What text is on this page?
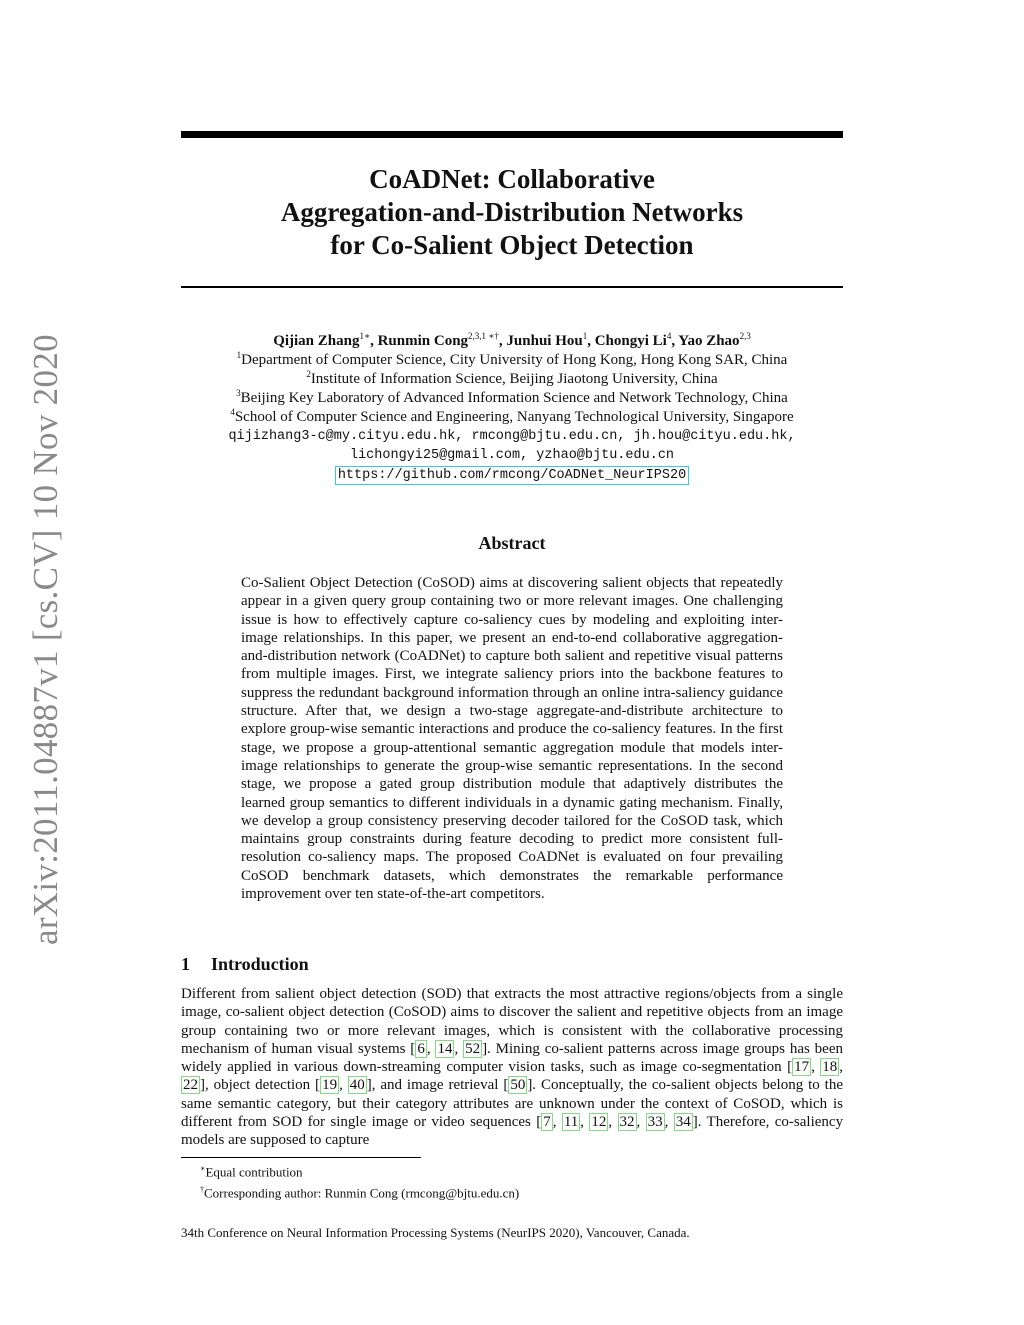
arXiv:2011.04887v1 [cs.CV] 10 Nov 2020
CoADNet: Collaborative
Aggregation-and-Distribution Networks
for Co-Salient Object Detection
Qijian Zhang$^{1∗}$, Runmin Cong$^{2,3,1 ∗\dagger}$, Junhui Hou$^1$, Chongyi Li$^4$, Yao Zhao$^{2,3}$
$^1$Department of Computer Science, City University of Hong Kong, Hong Kong SAR, China
$^2$Institute of Information Science, Beijing Jiaotong University, China
$^3$Beijing Key Laboratory of Advanced Information Science and Network Technology, China
$^4$School of Computer Science and Engineering, Nanyang Technological University, Singapore
qijizhang3-c@my.cityu.edu.hk, rmcong@bjtu.edu.cn, jh.hou@cityu.edu.hk,
lichongyi25@gmail.com, yzhao@bjtu.edu.cn
https://github.com/rmcong/CoADNet_NeurIPS20
Abstract
Co-Salient Object Detection (CoSOD) aims at discovering salient objects that repeatedly appear in a given query group containing two or more relevant images. One challenging issue is how to effectively capture co-saliency cues by modeling and exploiting inter-image relationships. In this paper, we present an end-to-end collaborative aggregation-and-distribution network (CoADNet) to capture both salient and repetitive visual patterns from multiple images. First, we integrate saliency priors into the backbone features to suppress the redundant background information through an online intra-saliency guidance structure. After that, we design a two-stage aggregate-and-distribute architecture to explore group-wise semantic interactions and produce the co-saliency features. In the first stage, we propose a group-attentional semantic aggregation module that models inter-image relationships to generate the group-wise semantic representations. In the second stage, we propose a gated group distribution module that adaptively distributes the learned group semantics to different individuals in a dynamic gating mechanism. Finally, we develop a group consistency preserving decoder tailored for the CoSOD task, which maintains group constraints during feature decoding to predict more consistent full-resolution co-saliency maps. The proposed CoADNet is evaluated on four prevailing CoSOD benchmark datasets, which demonstrates the remarkable performance improvement over ten state-of-the-art competitors.
1 Introduction
Different from salient object detection (SOD) that extracts the most attractive regions/objects from a single image, co-salient object detection (CoSOD) aims to discover the salient and repetitive objects from an image group containing two or more relevant images, which is consistent with the collaborative processing mechanism of human visual systems [ 6 , 14 , 52 ]. Mining co-salient patterns across image groups has been widely applied in various down-streaming computer vision tasks, such as image co-segmentation [ 17 , 18 , 22 ], object detection [ 19 , 40 ], and image retrieval [ 50 ]. Conceptually, the co-salient objects belong to the same semantic category, but their category attributes are unknown under the context of CoSOD, which is different from SOD for single image or video sequences [ 7 , 11 , 12 , 32 , 33 , 34 ]. Therefore, co-saliency models are supposed to capture
∗Equal contribution
†Corresponding author: Runmin Cong (rmcong@bjtu.edu.cn)
34th Conference on Neural Information Processing Systems (NeurIPS 2020), Vancouver, Canada.
